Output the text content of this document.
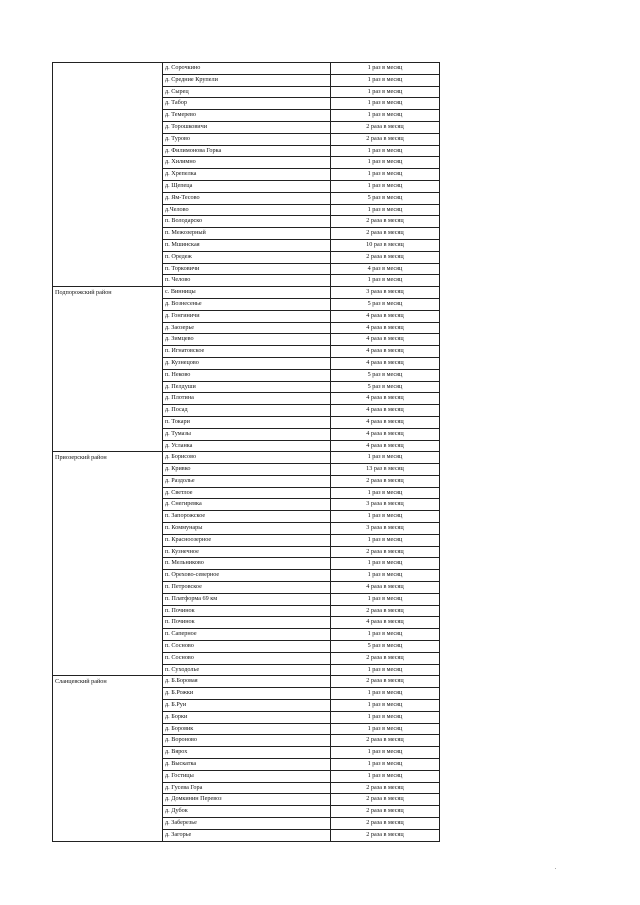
	д. Сорочкино	1 раз в месяц
	д. Средние Крупели	1 раз в месяц
	д. Сырец	1 раз в месяц
	д. Табор	1 раз в месяц
	д. Темерево	1 раз в месяц
	д. Торошковичи	2 раза в месяц
	д. Турово	2 раза в месяц
	д. Филимонова Горка	1 раз в месяц
	д. Хилимно	1 раз в месяц
	д. Хрепелка	1 раз в месяц
	д. Щепеца	1 раз в месяц
	д. Ям-Тесово	5 раз в месяц
	д.Челово	1 раз в месяц
	п. Володарско	2 раза в месяц
	п. Межозерный	2 раза в месяц
	п. Мшинская	10 раз в месяц
	п. Оредеж	2 раза в месяц
	п. Торковичи	4 раз в месяц
	п. Челово	1 раз в месяц
Подпорожский район	с. Винницы	3 раза в месяц
	д. Вознесенье	5 раз в месяц
	д. Гонгиничи	4 раза в месяц
	д. Заозерье	4 раза в месяц
	д. Зимцево	4 раза в месяц
	п. Игнатовское	4 раза в месяц
	д. Кузнецово	4 раза в месяц
	п. Неково	5 раз в месяц
	д. Пелдуши	5 раз в месяц
	д. Плотина	4 раза в месяц
	д. Посад	4 раза в месяц
	п. Токари	4 раза в месяц
	д. Тумазы	4 раза в месяц
	д. Усланка	4 раза в месяц
Приозерский район	д. Борисово	1 раз в месяц
	д. Кривко	13 раз в месяц
	д. Раздолье	2 раза в месяц
	д. Светлое	1 раз в месяц
	д. Снегиревка	3 раза в месяц
	п. Запорожское	1 раз в месяц
	п. Коммунары	3 раза в месяц
	п. Красноозерное	1 раз в месяц
	п. Кузнечное	2 раза в месяц
	п. Мельниково	1 раз в месяц
	п. Орехово-северное	1 раз в месяц
	п. Петровское	4 раза в месяц
	п. Платформа 69 км	1 раз в месяц
	п. Починок	2 раза в месяц
	п. Починок	4 раза в месяц
	п. Саперное	1 раз в месяц
	п. Сосново	5 раз в месяц
	п. Сосново	2 раза в месяц
	п. Суходолье	1 раз в месяц
Сланцевский район	д. Б.Боровая	2 раза в месяц
	д. Б.Рожки	1 раз в месяц
	д. Б.Руи	1 раз в месяц
	д. Борки	1 раз в месяц
	д. Боровик	1 раз в месяц
	д. Вороново	2 раза в месяц
	д. Вярох	1 раз в месяц
	д. Выскатка	1 раз в месяц
	д. Гостицы	1 раз в месяц
	д. Гусева Гора	2 раза в месяц
	д. Домкинин Перевоз	2 раза в месяц
	д. Дубок	2 раза в месяц
	д. Заберезье	2 раза в месяц
	д. Загорье	2 раза в месяц
